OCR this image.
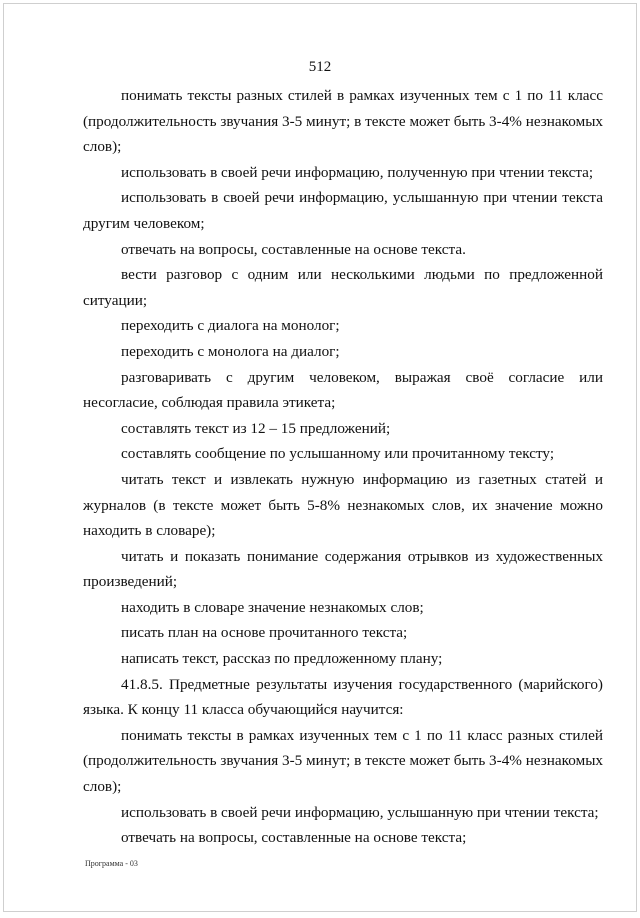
512

понимать тексты разных стилей в рамках изученных тем с 1 по 11 класс (продолжительность звучания 3-5 минут; в тексте может быть 3-4% незнакомых слов);

использовать в своей речи информацию, полученную при чтении текста;

использовать в своей речи информацию, услышанную при чтении текста другим человеком;

отвечать на вопросы, составленные на основе текста.

вести разговор с одним или несколькими людьми по предложенной ситуации;

переходить с диалога на монолог;

переходить с монолога на диалог;

разговаривать с другим человеком, выражая своё согласие или несогласие, соблюдая правила этикета;

составлять текст из 12 – 15 предложений;

составлять сообщение по услышанному или прочитанному тексту;

читать текст и извлекать нужную информацию из газетных статей и журналов (в тексте может быть 5-8% незнакомых слов, их значение можно находить в словаре);

читать и показать понимание содержания отрывков из художественных произведений;

находить в словаре значение незнакомых слов;

писать план на основе прочитанного текста;

написать текст, рассказ по предложенному плану;

41.8.5. Предметные результаты изучения государственного (марийского) языка. К концу 11 класса обучающийся научится:

понимать тексты в рамках изученных тем с 1 по 11 класс разных стилей (продолжительность звучания 3-5 минут; в тексте может быть 3-4% незнакомых слов);

использовать в своей речи информацию, услышанную при чтении текста;

отвечать на вопросы, составленные на основе текста;

Программа - 03
